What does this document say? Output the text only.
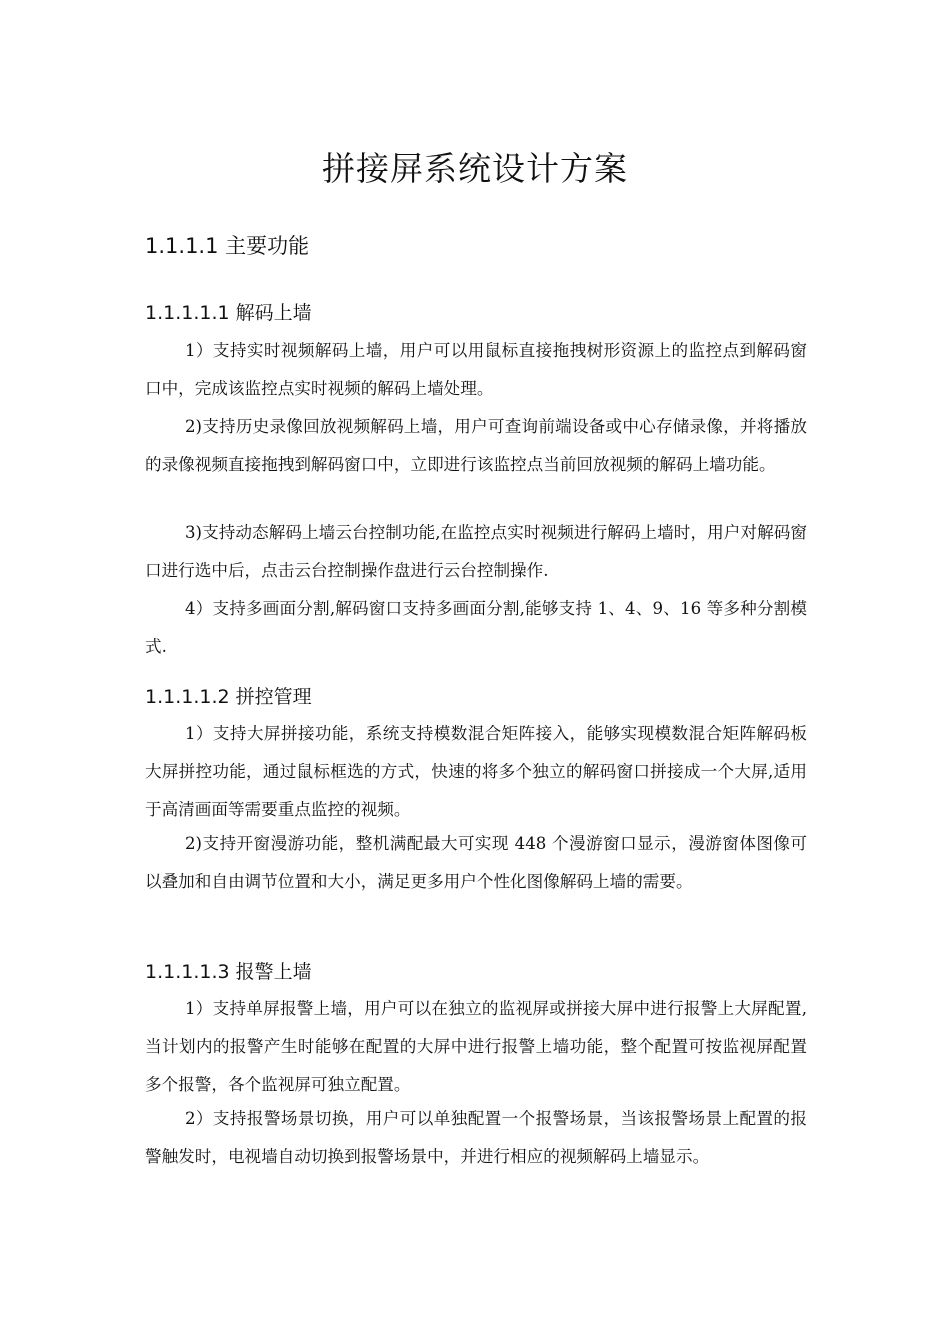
拼接屏系统设计方案
1.1.1.1 主要功能
1.1.1.1.1 解码上墙

1）支持实时视频解码上墙，用户可以用鼠标直接拖拽树形资源上的监控点到解码窗口中，完成该监控点实时视频的解码上墙处理。

2)支持历史录像回放视频解码上墙，用户可查询前端设备或中心存储录像，并将播放的录像视频直接拖拽到解码窗口中，立即进行该监控点当前回放视频的解码上墙功能。

3)支持动态解码上墙云台控制功能,在监控点实时视频进行解码上墙时，用户对解码窗口进行选中后，点击云台控制操作盘进行云台控制操作.

4）支持多画面分割,解码窗口支持多画面分割,能够支持 1、4、9、16 等多种分割模式.

1.1.1.1.2 拼控管理

1）支持大屏拼接功能，系统支持模数混合矩阵接入，能够实现模数混合矩阵解码板大屏拼控功能，通过鼠标框选的方式，快速的将多个独立的解码窗口拼接成一个大屏,适用于高清画面等需要重点监控的视频。

2)支持开窗漫游功能，整机满配最大可实现 448 个漫游窗口显示，漫游窗体图像可以叠加和自由调节位置和大小，满足更多用户个性化图像解码上墙的需要。

1.1.1.1.3 报警上墙

1）支持单屏报警上墙，用户可以在独立的监视屏或拼接大屏中进行报警上大屏配置,当计划内的报警产生时能够在配置的大屏中进行报警上墙功能，整个配置可按监视屏配置多个报警，各个监视屏可独立配置。

2）支持报警场景切换，用户可以单独配置一个报警场景，当该报警场景上配置的报警触发时，电视墙自动切换到报警场景中，并进行相应的视频解码上墙显示。
